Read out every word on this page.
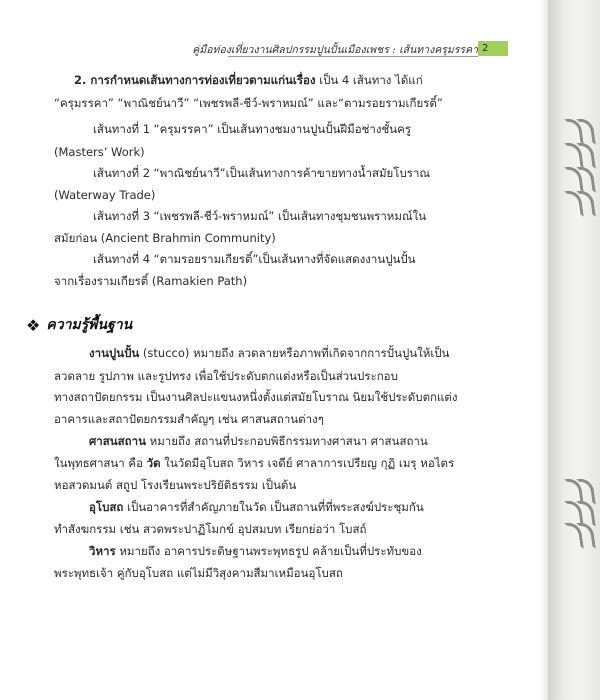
คู่มือท่องเที่ยวงานศิลปกรรมปูนปั้นเมืองเพชร : เส้นทางครุมรรคา 2
2. การกำหนดเส้นทางการท่องเที่ยวตามแก่นเรื่อง เป็น 4 เส้นทาง ได้แก่
“ครุมรรคา” “พาณิชย์นาวี” “เพชรพลี-ชีว์-พราหมณ์” และ“ตามรอยรามเกียรติ์”
เส้นทางที่ 1 “ครุมรรคา” เป็นเส้นทางชมงานปูนปั้นฝีมือช่างชั้นครู
(Masters’ Work)
เส้นทางที่ 2 “พาณิชย์นาวี”เป็นเส้นทางการค้าขายทางน้ำสมัยโบราณ
(Waterway Trade)
เส้นทางที่ 3 “เพชรพลี-ชีว์-พราหมณ์” เป็นเส้นทางชุมชนพราหมณ์ใน
สมัยก่อน (Ancient Brahmin Community)
เส้นทางที่ 4 “ตามรอยรามเกียรติ์”เป็นเส้นทางที่จัดแสดงงานปูนปั้น
จากเรื่องรามเกียรติ์ (Ramakien Path)
❖ ความรู้พื้นฐาน
งานปูนปั้น (stucco) หมายถึง ลวดลายหรือภาพที่เกิดจากการปั้นปูนให้เป็น
ลวดลาย รูปภาพ และรูปทรง เพื่อใช้ประดับตกแต่งหรือเป็นส่วนประกอบ
ทางสถาปัตยกรรม เป็นงานศิลปะแขนงหนึ่งตั้งแต่สมัยโบราณ นิยมใช้ประดับตกแต่ง
อาคารและสถาปัตยกรรมสำคัญๆ เช่น ศาสนสถานต่างๆ
ศาสนสถาน หมายถึง สถานที่ประกอบพิธีกรรมทางศาสนา ศาสนสถาน
ในพุทธศาสนา คือ วัด ในวัดมีอุโบสถ วิหาร เจดีย์ ศาลาการเปรียญ กุฏิ เมรุ หอไตร
หอสวดมนต์ สถูป โรงเรียนพระปริยัติธรรม เป็นต้น
อุโบสถ เป็นอาคารที่สำคัญภายในวัด เป็นสถานที่ที่พระสงฆ์ประชุมกัน
ทำสังฆกรรม เช่น สวดพระปาฏิโมกข์ อุปสมบท เรียกย่อว่า โบสถ์
วิหาร หมายถึง อาคารประดิษฐานพระพุทธรูป คล้ายเป็นที่ประทับของ
พระพุทธเจ้า คู่กับอุโบสถ แต่ไม่มีวิสุงคามสีมาเหมือนอุโบสถ
